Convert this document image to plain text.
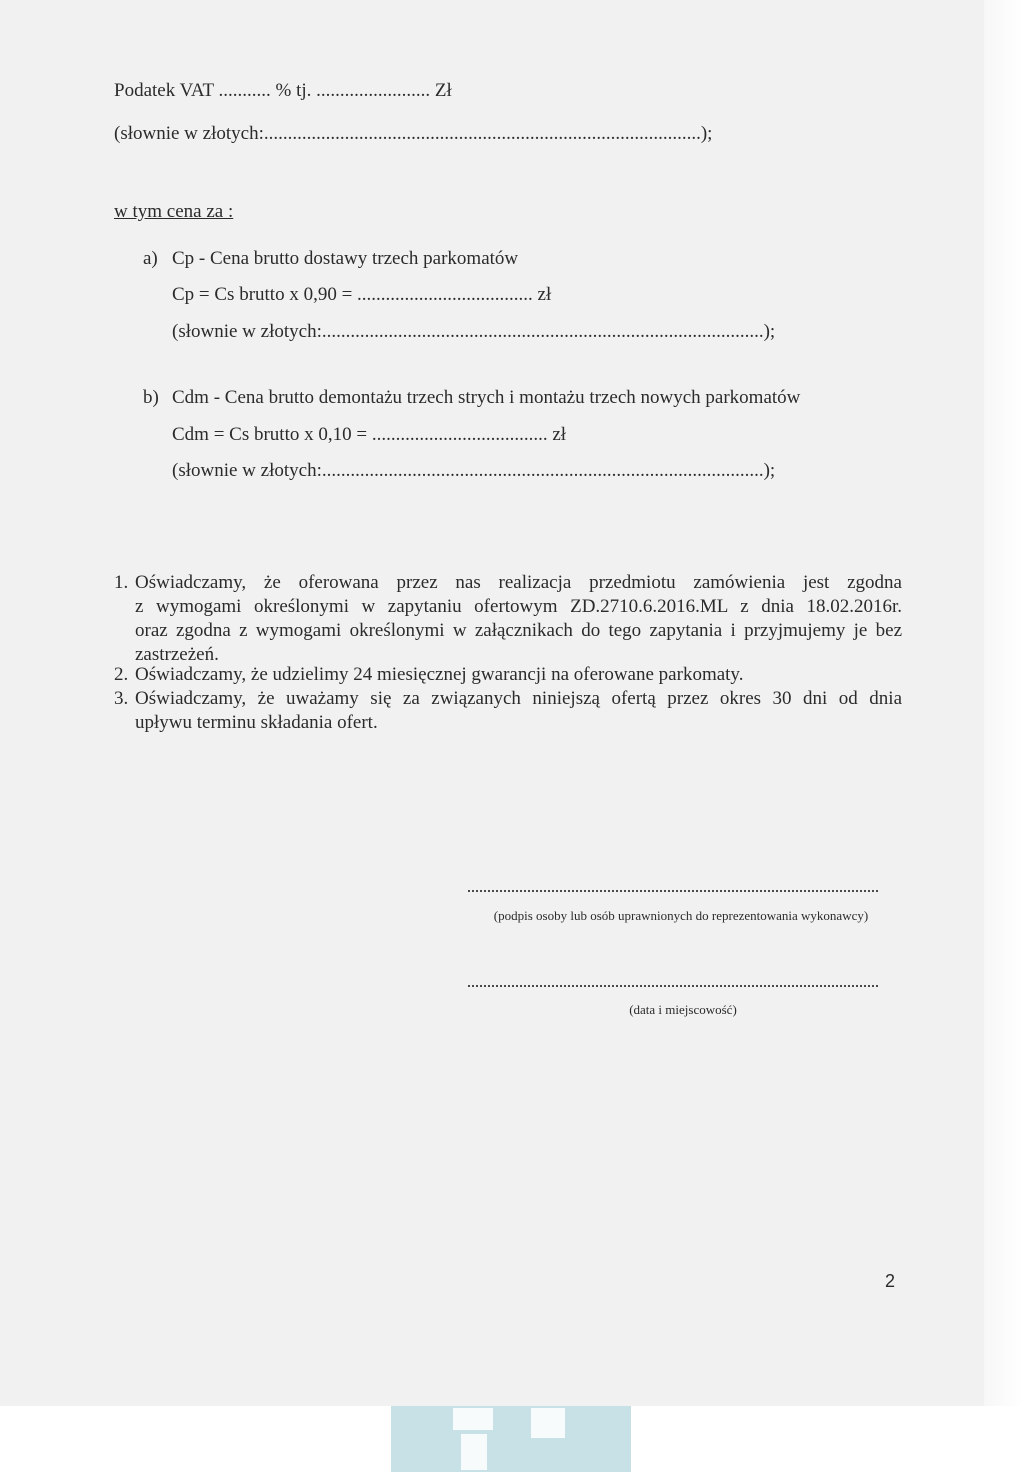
Podatek VAT ........... % tj. ........................ Zł
(słownie w złotych:............................................................................................);
w tym cena za :
a) Cp - Cena brutto dostawy trzech parkomatów
Cp = Cs brutto x 0,90 = ..................................... zł
(słownie w złotych:.............................................................................................);
b) Cdm - Cena brutto demontażu trzech strych i montażu trzech nowych parkomatów
Cdm = Cs brutto x 0,10 = ..................................... zł
(słownie w złotych:.............................................................................................);
1. Oświadczamy, że oferowana przez nas realizacja przedmiotu zamówienia jest zgodna
z wymogami określonymi w zapytaniu ofertowym ZD.2710.6.2016.ML z dnia 18.02.2016r.
oraz zgodna z wymogami określonymi w załącznikach do tego zapytania i przyjmujemy je bez
zastrzeżeń.
2. Oświadczamy, że udzielimy 24 miesięcznej gwarancji na oferowane parkomaty.
3. Oświadczamy, że uważamy się za związanych niniejszą ofertą przez okres 30 dni od dnia
upływu terminu składania ofert.
(podpis osoby lub osób uprawnionych do reprezentowania wykonawcy)
(data i miejscowość)
2
